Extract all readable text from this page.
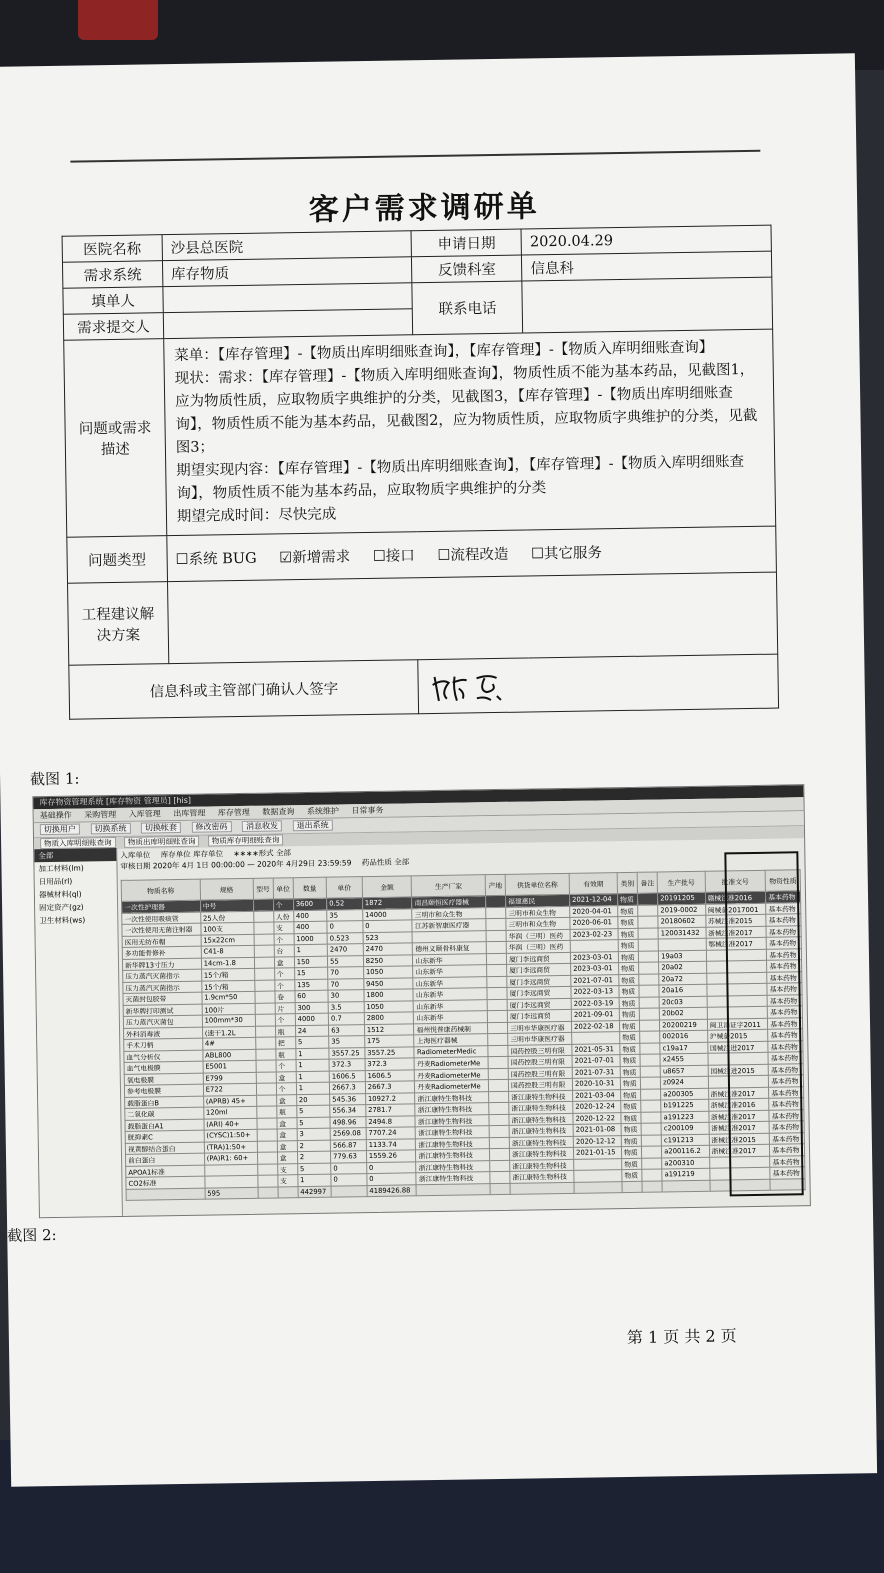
客户需求调研单
医院名称	沙县总医院	申请日期	2020.04.29
需求系统	库存物质	反馈科室	信息科
填单人		联系电话	
需求提交人			
问题或需求描述	菜单：【库存管理】-【物质出库明细账查询】，【库存管理】-【物质入库明细账查询】

现状：需求：【库存管理】-【物质入库明细账查询】，物质性质不能为基本药品，见截图1，应为物质性质，应取物质字典维护的分类，见截图3，【库存管理】-【物质出库明细账查询】，物质性质不能为基本药品，见截图2，应为物质性质，应取物质字典维护的分类，见截图3；

期望实现内容：【库存管理】-【物质出库明细账查询】，【库存管理】-【物质入库明细账查询】，物质性质不能为基本药品，应取物质字典维护的分类

期望完成时间：尽快完成		

问题类型	☐系统 BUG ☑新增需求 ☐接口 ☐流程改造 ☐其它服务		
工程建议解决方案			
信息科或主管部门确认人签字	
截图 1:
库存物资管理系统 [库存物资 管理员] [his]
基础操作 采购管理 入库管理 出库管理 库存管理 数据查询 系统维护 日常事务
切换用户 切换系统 切换帐套 修改密码 消息收发 退出系统
物质入库明细账查询 物质出库明细账查询 物质库存明细账查询
全部
加工材料(lm)
日用品(rl)
器械材料(ql)
固定资产(gz)
卫生材料(ws)
入库单位 库存单位 库存单位 ∗∗∗∗形式 全部
审核日期 2020年 4月 1日 00:00:00 — 2020年 4月29日 23:59:59 药品性质 全部
物质名称	规格	型号	单位	数量	单价	金额	生产厂家	产地	供货单位名称	有效期	类别	备注	生产批号	批准文号	物资性质
一次性护理器	中号		个	3600	0.52	1872	南昌颐恒医疗器械		福建惠民	2021-12-04	物质		20191205	赣械注准2016	基本药物
一次性使用吸痰管	25人份		人份	400	35	14000	三明市和众生物		三明市和众生物	2020-04-01	物质		2019-0002	闽械备2017001	基本药物
一次性使用无菌注射器	100支		支	400	0	0	江苏新智康医疗器		三明市和众生物	2020-06-01	物质		20180602	苏械注准2015	基本药物
医用无纺布帽	15x22cm		个	1000	0.523	523			华润（三明）医药	2023-02-23	物质		120031432	浙械注准2017	基本药物
多功能骨修补	C41-8		台	1	2470	2470	德州义颐骨科康复		华润（三明）医药		物质			鄂械注准2017	基本药物
新华牌13寸压力	14cm-1.8		盒	150	55	8250	山东新华		厦门李远商贸	2023-03-01	物质		19a03		基本药物
压力蒸汽灭菌指示	15个/箱		个	15	70	1050	山东新华		厦门李远商贸	2023-03-01	物质		20a02		基本药物
压力蒸汽灭菌指示	15个/箱		个	135	70	9450	山东新华		厦门李远商贸	2021-07-01	物质		20a72		基本药物
灭菌封包胶带	1.9cm*50		卷	60	30	1800	山东新华		厦门李远商贸	2022-03-13	物质		20a16		基本药物
新华牌打印测试	100片		片	300	3.5	1050	山东新华		厦门李远商贸	2022-03-19	物质		20c03		基本药物
压力蒸汽灭菌包	100mm*30		个	4000	0.7	2800	山东新华		厦门李远商贸	2021-09-01	物质		20b02		基本药物
外科消毒液	(速干1.2L		瓶	24	63	1512	福州悦普康药械制		三明市华康医疗器	2022-02-18	物质		20200219	闽卫消证字2011	基本药物
手术刀柄	4#		把	5	35	175	上海医疗器械		三明市华康医疗器		物质		002016	沪械备2015	基本药物
血气分析仪	ABL800		瓶	1	3557.25	3557.25	RadiometerMedic		国药控股三明有限	2021-05-31	物质		c19a17	国械注进2017	基本药物
血气电极膜	E5001		个	1	372.3	372.3	丹麦RadiometerMe		国药控股三明有限	2021-07-01	物质		x2455		基本药物
氧电极膜	E799		盒	1	1606.5	1606.5	丹麦RadiometerMe		国药控股三明有限	2021-07-31	物质		u8657	国械注进2015	基本药物
参考电极膜	E722		个	1	2667.3	2667.3	丹麦RadiometerMe		国药控股三明有限	2020-10-31	物质		z0924		基本药物
载脂蛋白B	(APRB) 45+		盒	20	545.36	10927.2	浙江康特生物科技		浙江康特生物科技	2021-03-04	物质		a200305	浙械注准2017	基本药物
二氧化碳	120ml		瓶	5	556.34	2781.7	浙江康特生物科技		浙江康特生物科技	2020-12-24	物质		b191225	浙械注准2016	基本药物
载脂蛋白A1	(ARI) 40+		盒	5	498.96	2494.8	浙江康特生物科技		浙江康特生物科技	2020-12-22	物质		a191223	浙械注准2017	基本药物
胱抑素C	(CYSC)1:50+		盒	3	2569.08	7707.24	浙江康特生物科技		浙江康特生物科技	2021-01-08	物质		c200109	浙械注准2017	基本药物
视黄醇结合蛋白	(TRA)1:50+		盒	2	566.87	1133.74	浙江康特生物科技		浙江康特生物科技	2020-12-12	物质		c191213	浙械注准2015	基本药物
前白蛋白	(PA)R1: 60+		盒	2	779.63	1559.26	浙江康特生物科技		浙江康特生物科技	2021-01-15	物质		a200116.2	浙械注准2017	基本药物
APOA1标准			支	5	0	0	浙江康特生物科技		浙江康特生物科技		物质		a200310		基本药物
CO2标准			支	1	0	0	浙江康特生物科技		浙江康特生物科技		物质		a191219		基本药物
	595			442997		4189426.88									
截图 2:
第 1 页 共 2 页
